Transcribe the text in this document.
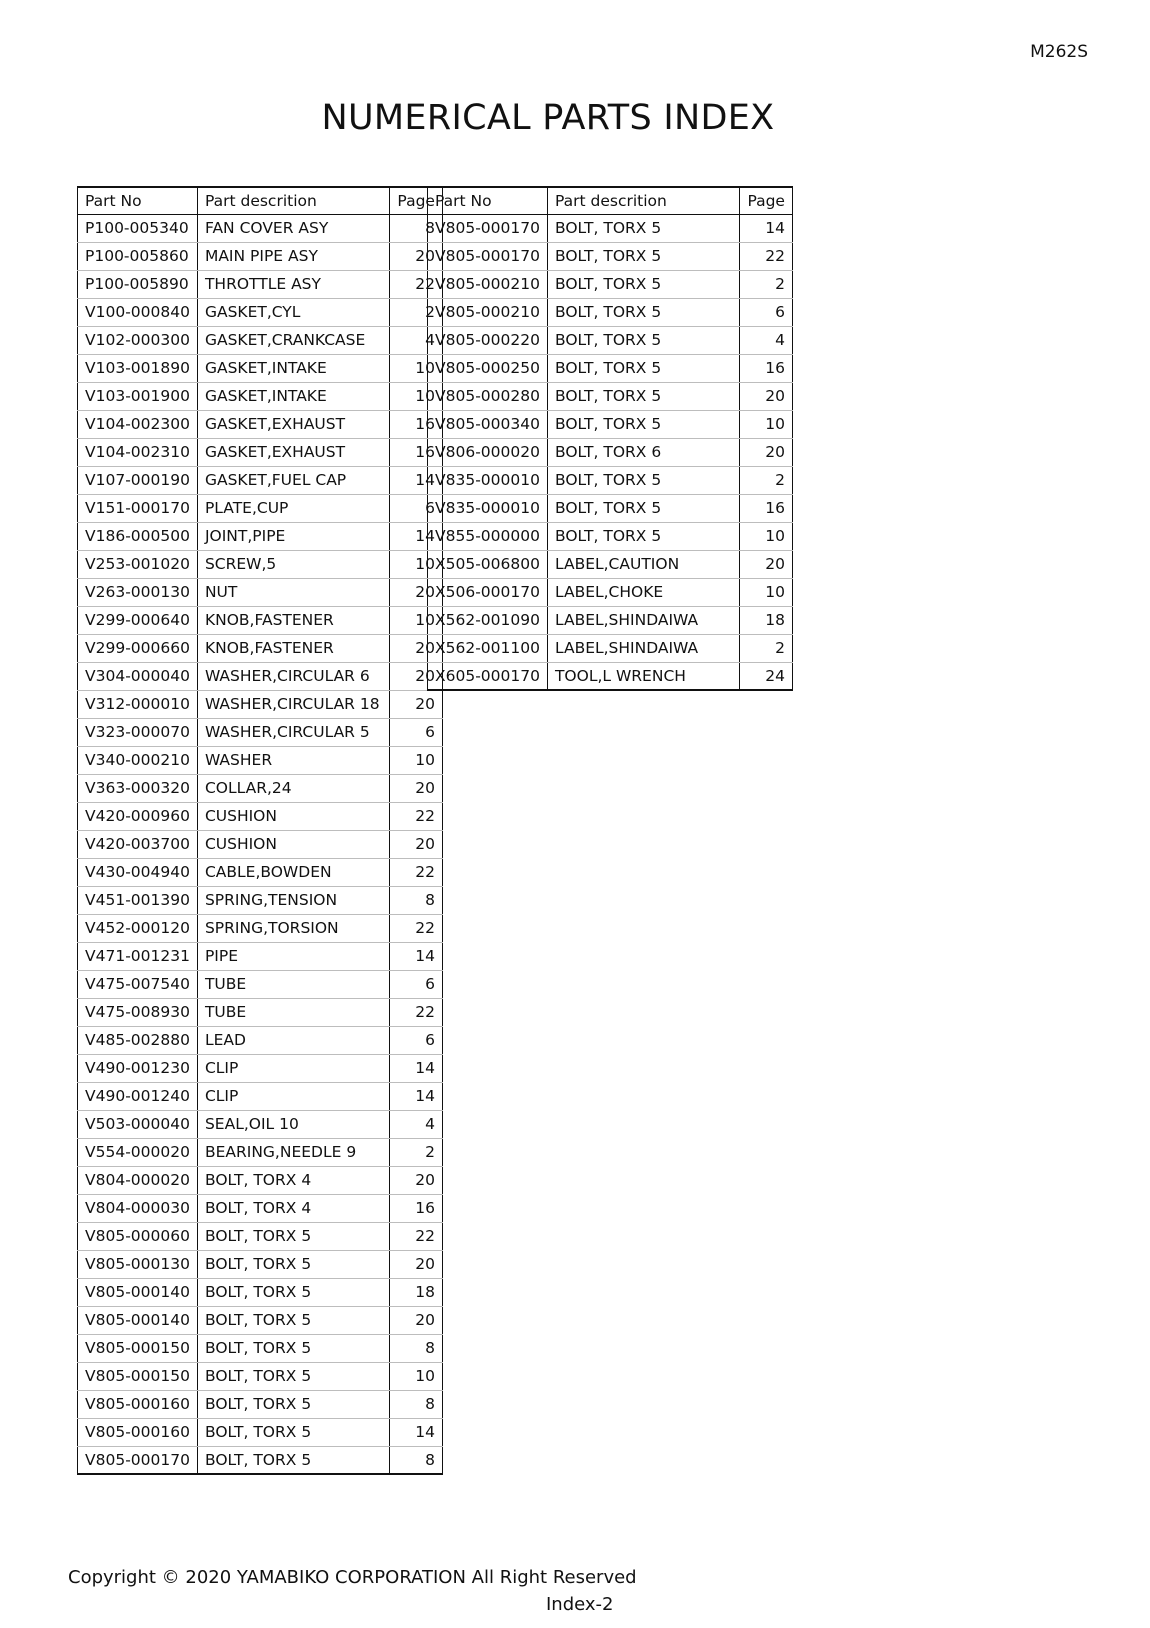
M262S
NUMERICAL PARTS INDEX
Part No	Part descrition	Page
P100-005340	FAN COVER ASY	8
P100-005860	MAIN PIPE ASY	20
P100-005890	THROTTLE ASY	22
V100-000840	GASKET,CYL	2
V102-000300	GASKET,CRANKCASE	4
V103-001890	GASKET,INTAKE	10
V103-001900	GASKET,INTAKE	10
V104-002300	GASKET,EXHAUST	16
V104-002310	GASKET,EXHAUST	16
V107-000190	GASKET,FUEL CAP	14
V151-000170	PLATE,CUP	6
V186-000500	JOINT,PIPE	14
V253-001020	SCREW,5	10
V263-000130	NUT	20
V299-000640	KNOB,FASTENER	10
V299-000660	KNOB,FASTENER	20
V304-000040	WASHER,CIRCULAR 6	20
V312-000010	WASHER,CIRCULAR 18	20
V323-000070	WASHER,CIRCULAR 5	6
V340-000210	WASHER	10
V363-000320	COLLAR,24	20
V420-000960	CUSHION	22
V420-003700	CUSHION	20
V430-004940	CABLE,BOWDEN	22
V451-001390	SPRING,TENSION	8
V452-000120	SPRING,TORSION	22
V471-001231	PIPE	14
V475-007540	TUBE	6
V475-008930	TUBE	22
V485-002880	LEAD	6
V490-001230	CLIP	14
V490-001240	CLIP	14
V503-000040	SEAL,OIL 10	4
V554-000020	BEARING,NEEDLE 9	2
V804-000020	BOLT, TORX 4	20
V804-000030	BOLT, TORX 4	16
V805-000060	BOLT, TORX 5	22
V805-000130	BOLT, TORX 5	20
V805-000140	BOLT, TORX 5	18
V805-000140	BOLT, TORX 5	20
V805-000150	BOLT, TORX 5	8
V805-000150	BOLT, TORX 5	10
V805-000160	BOLT, TORX 5	8
V805-000160	BOLT, TORX 5	14
V805-000170	BOLT, TORX 5	8
Part No	Part descrition	Page
V805-000170	BOLT, TORX 5	14
V805-000170	BOLT, TORX 5	22
V805-000210	BOLT, TORX 5	2
V805-000210	BOLT, TORX 5	6
V805-000220	BOLT, TORX 5	4
V805-000250	BOLT, TORX 5	16
V805-000280	BOLT, TORX 5	20
V805-000340	BOLT, TORX 5	10
V806-000020	BOLT, TORX 6	20
V835-000010	BOLT, TORX 5	2
V835-000010	BOLT, TORX 5	16
V855-000000	BOLT, TORX 5	10
X505-006800	LABEL,CAUTION	20
X506-000170	LABEL,CHOKE	10
X562-001090	LABEL,SHINDAIWA	18
X562-001100	LABEL,SHINDAIWA	2
X605-000170	TOOL,L WRENCH	24
Copyright © 2020 YAMABIKO CORPORATION All Right Reserved
Index-2
